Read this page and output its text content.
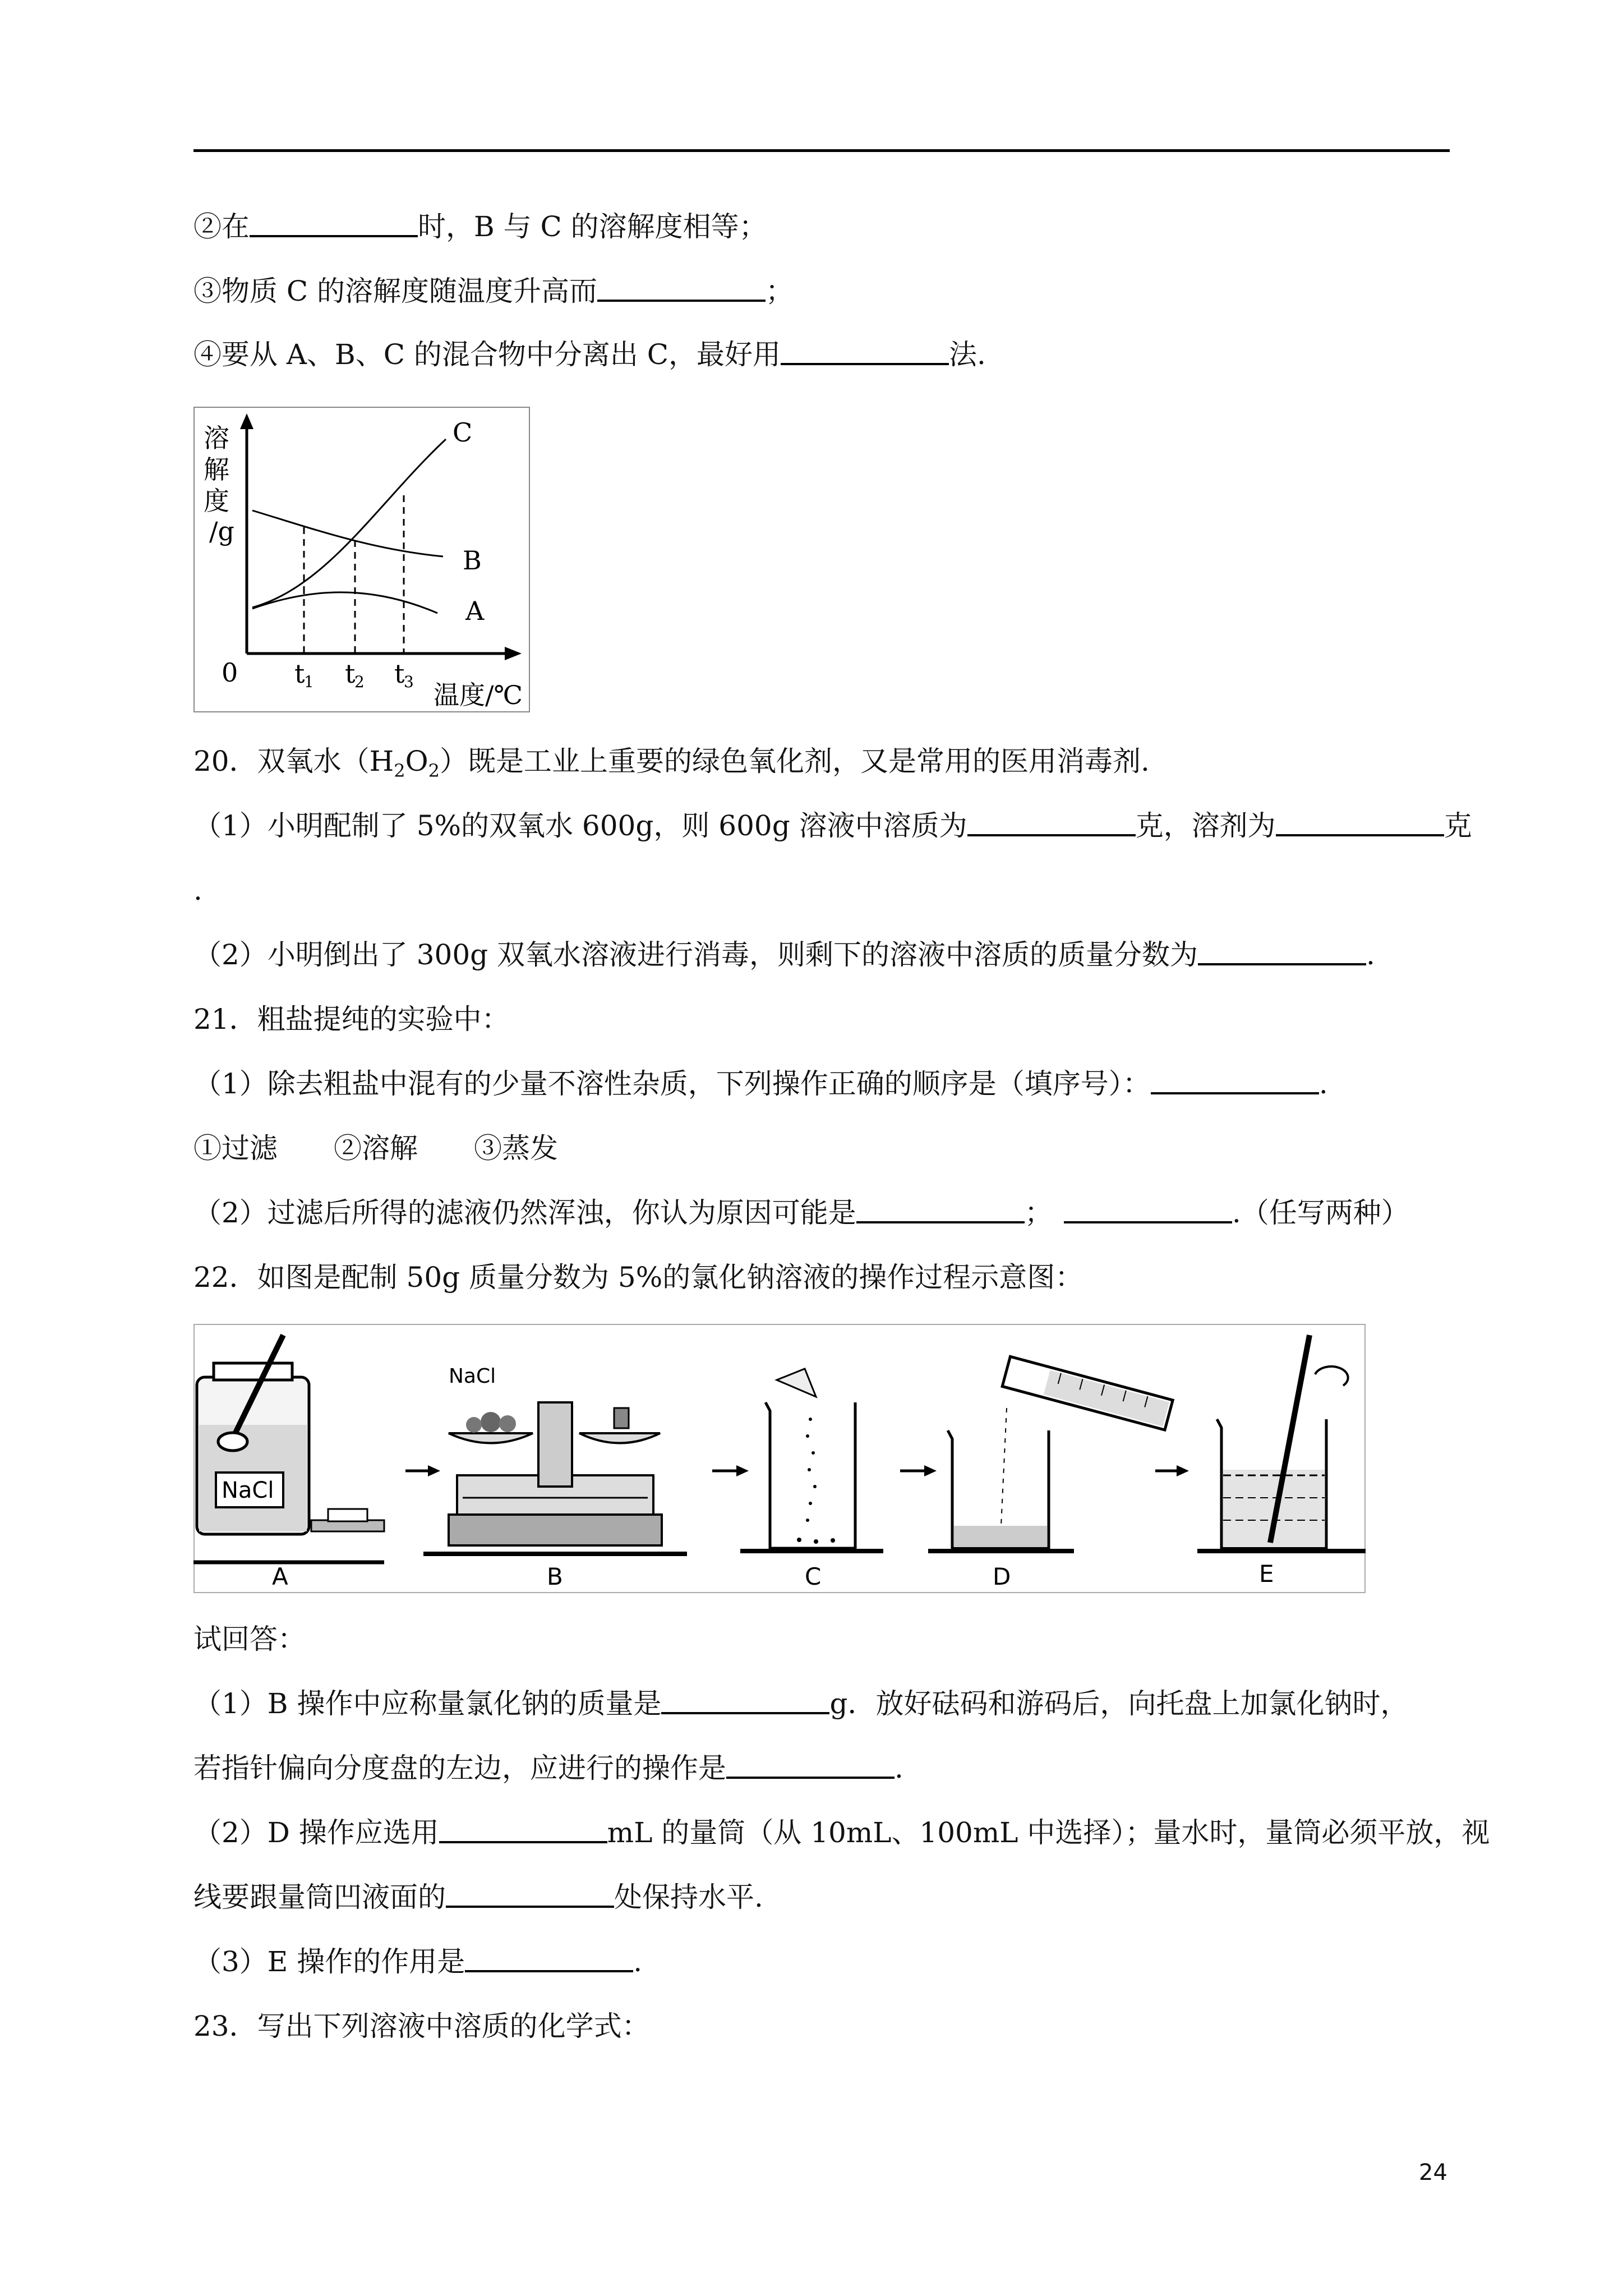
②在	时，B 与 C 的溶解度相等；
③物质 C 的溶解度随温度升高而	；
④要从 A、B、C 的混合物中分离出 C，最好用	法.
溶
解
度
/g
0 t
1 t
2 t
3 温度/℃
A
B
C
20．双氧水$(H_2O_2)$既是工业上重要的绿色氧化剂，又是常用的医用消毒剂.
（1）小明配制了 5%的双氧水 600g，则 600g 溶液中溶质为	克，溶剂为	克
.
（2）小明倒出了 300g 双氧水溶液进行消毒，则剩下的溶液中溶质的质量分数为	.
21．粗盐提纯的实验中：
（1）除去粗盐中混有的少量不溶性杂质，下列操作正确的顺序是（填序号）：	.
①过滤　　②溶解　　③蒸发
（2）过滤后所得的滤液仍然浑浊，你认为原因可能是	；	.（任写两种）
22．如图是配制 50g 质量分数为 5%的氯化钠溶液的操作过程示意图：
NaCl
NaCl
A	B	C	D	E
试回答：
（1）B 操作中应称量氯化钠的质量是	g．放好砝码和游码后，向托盘上加氯化钠时，
若指针偏向分度盘的左边，应进行的操作是	.
（2）D 操作应选用	mL 的量筒（从 10mL、100mL 中选择）；量水时，量筒必须平放，视
线要跟量筒凹液面的	处保持水平.
（3）E 操作的作用是	.
23．写出下列溶液中溶质的化学式：
24
